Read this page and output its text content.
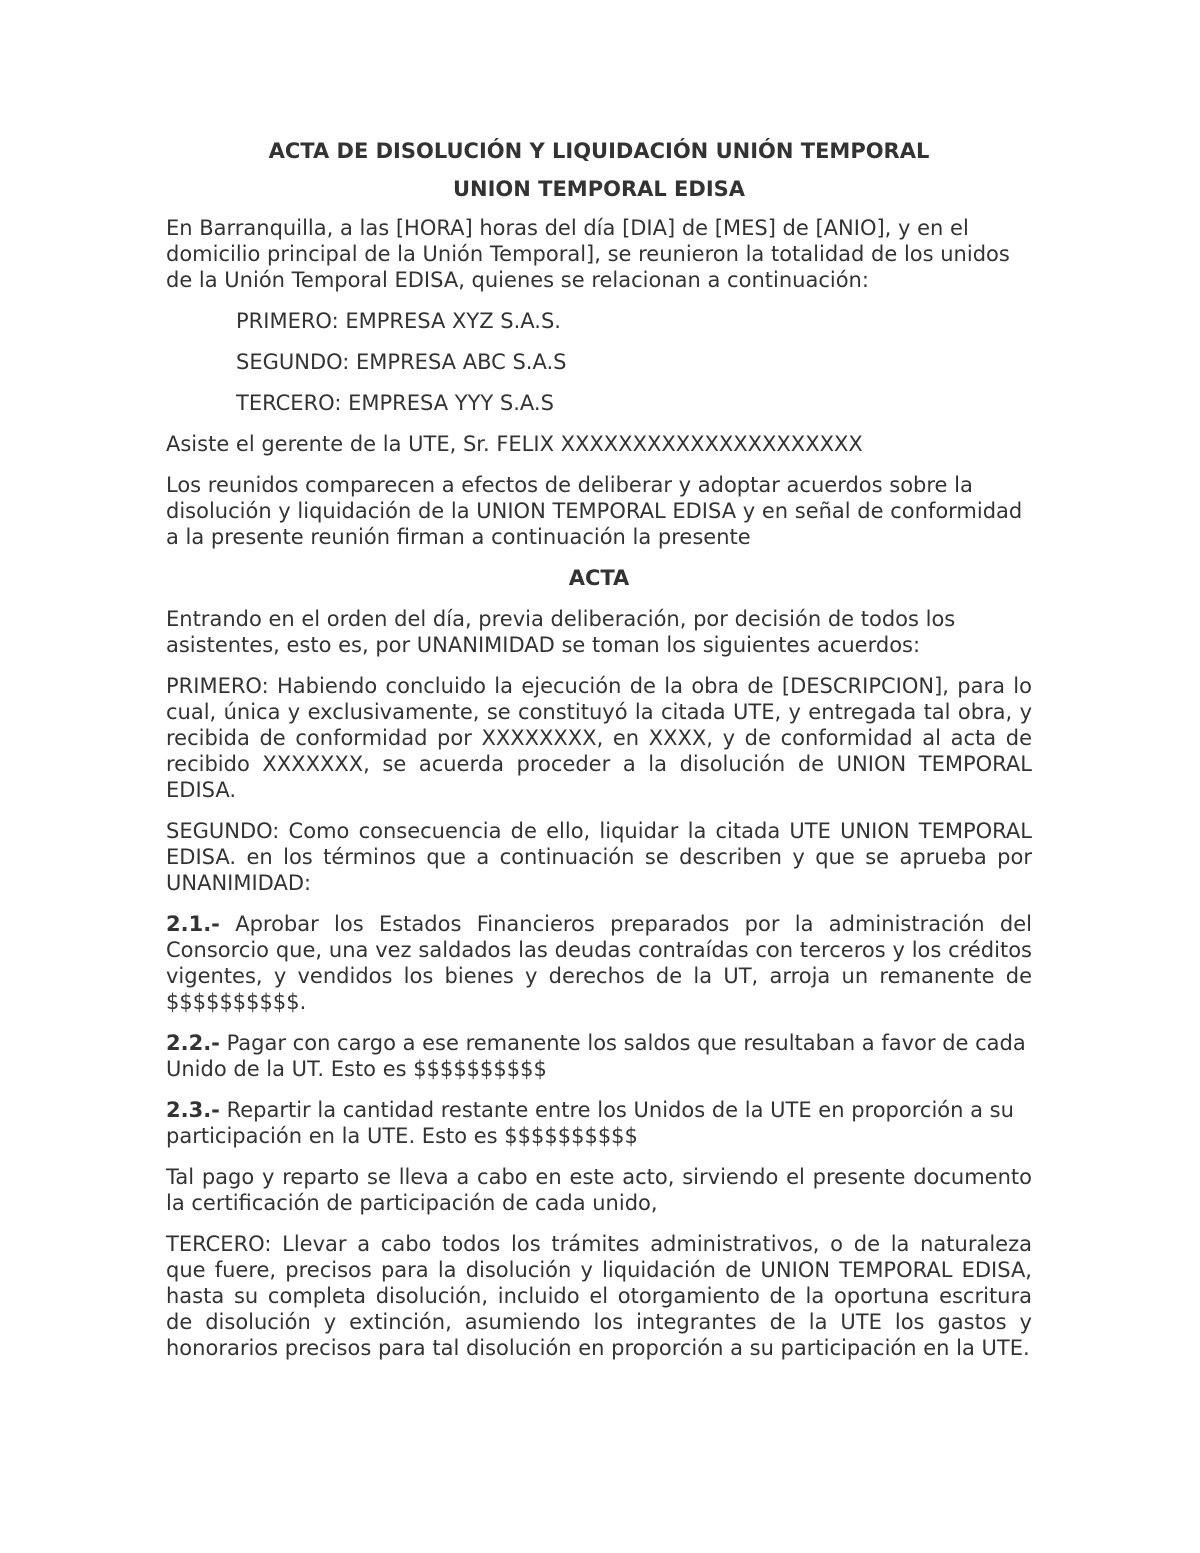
ACTA DE DISOLUCIÓN Y LIQUIDACIÓN UNIÓN TEMPORAL
UNION TEMPORAL EDISA

En Barranquilla, a las [HORA] horas del día [DIA] de [MES] de [ANIO], y en el domicilio principal de la Unión Temporal], se reunieron la totalidad de los unidos de la Unión Temporal EDISA, quienes se relacionan a continuación:

PRIMERO: EMPRESA XYZ S.A.S.

SEGUNDO: EMPRESA ABC S.A.S

TERCERO: EMPRESA YYY S.A.S

Asiste el gerente de la UTE, Sr. FELIX XXXXXXXXXXXXXXXXXXXXX

Los reunidos comparecen a efectos de deliberar y adoptar acuerdos sobre la disolución y liquidación de la UNION TEMPORAL EDISA y en señal de conformidad a la presente reunión firman a continuación la presente

ACTA

Entrando en el orden del día, previa deliberación, por decisión de todos los asistentes, esto es, por UNANIMIDAD se toman los siguientes acuerdos:

PRIMERO: Habiendo concluido la ejecución de la obra de [DESCRIPCION], para lo cual, única y exclusivamente, se constituyó la citada UTE, y entregada tal obra, y recibida de conformidad por XXXXXXXX, en XXXX, y de conformidad al acta de recibido XXXXXXX, se acuerda proceder a la disolución de UNION TEMPORAL EDISA.

SEGUNDO: Como consecuencia de ello, liquidar la citada UTE UNION TEMPORAL EDISA. en los términos que a continuación se describen y que se aprueba por UNANIMIDAD:

2.1.- Aprobar los Estados Financieros preparados por la administración del Consorcio que, una vez saldados las deudas contraídas con terceros y los créditos vigentes, y vendidos los bienes y derechos de la UT, arroja un remanente de $$$$$$$$$$.

2.2.- Pagar con cargo a ese remanente los saldos que resultaban a favor de cada Unido de la UT. Esto es $$$$$$$$$$

2.3.- Repartir la cantidad restante entre los Unidos de la UTE en proporción a su participación en la UTE. Esto es $$$$$$$$$$

Tal pago y reparto se lleva a cabo en este acto, sirviendo el presente documento la certificación de participación de cada unido,

TERCERO: Llevar a cabo todos los trámites administrativos, o de la naturaleza que fuere, precisos para la disolución y liquidación de UNION TEMPORAL EDISA, hasta su completa disolución, incluido el otorgamiento de la oportuna escritura de disolución y extinción, asumiendo los integrantes de la UTE los gastos y honorarios precisos para tal disolución en proporción a su participación en la UTE.
